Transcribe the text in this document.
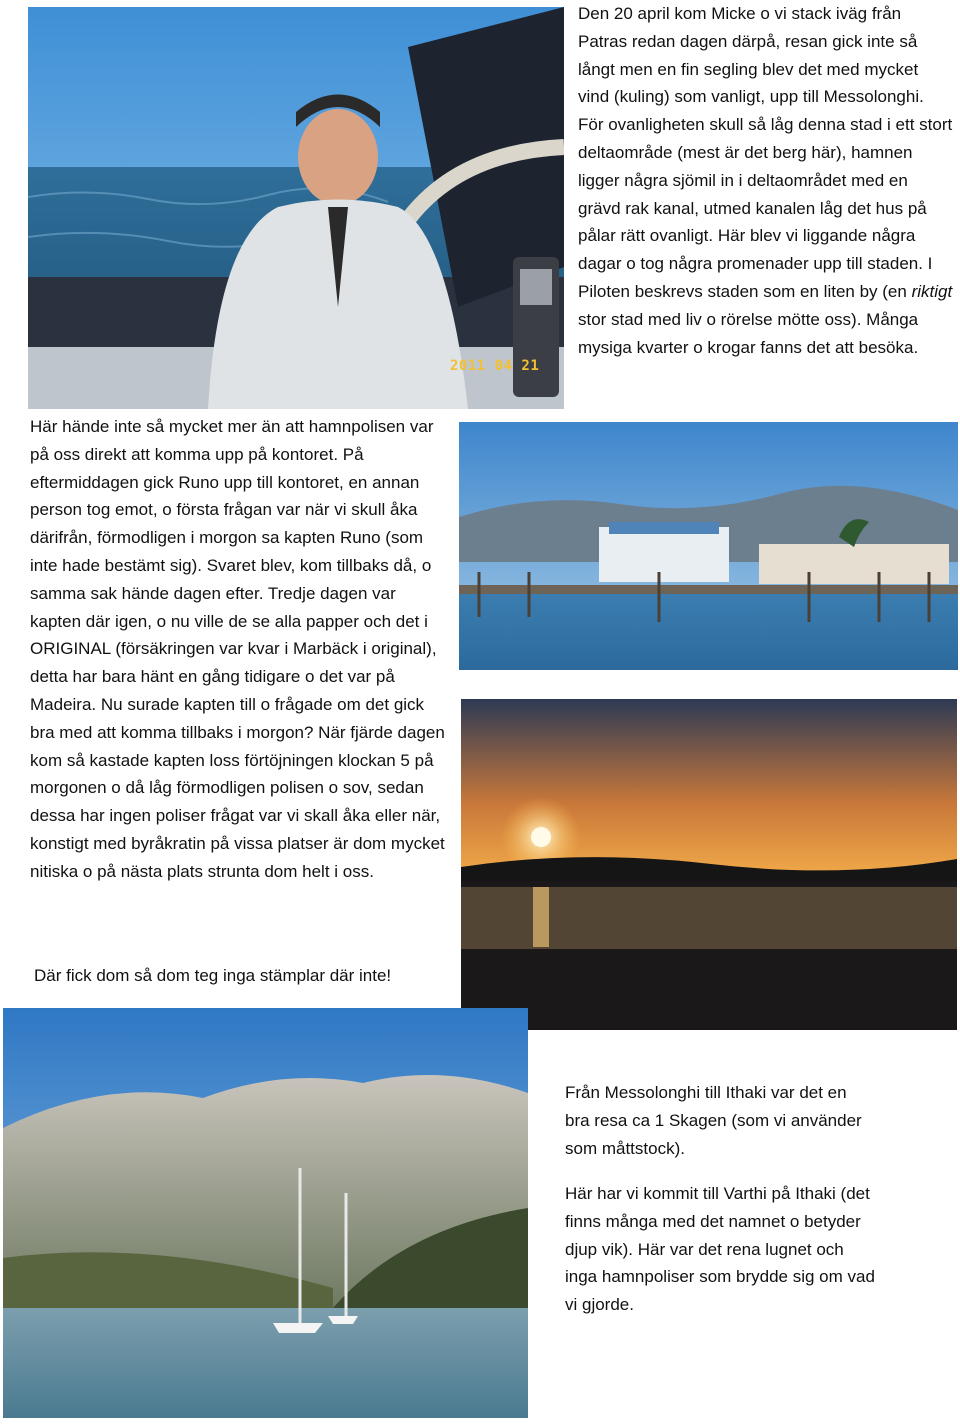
2011 04 21

Den 20 april kom Micke o vi stack iväg från Patras redan dagen därpå, resan gick inte så långt men en fin segling blev det med mycket vind (kuling) som vanligt, upp till Messolonghi. För ovanligheten skull så låg denna stad i ett stort deltaområde (mest är det berg här), hamnen ligger några sjömil in i deltaområdet med en grävd rak kanal, utmed kanalen låg det hus på pålar rätt ovanligt. Här blev vi liggande några dagar o tog några promenader upp till staden. I Piloten beskrevs staden som en liten by (en riktigt stor stad med liv o rörelse mötte oss). Många mysiga kvarter o krogar fanns det att besöka.

Här hände inte så mycket mer än att hamnpolisen var på oss direkt att komma upp på kontoret. På eftermiddagen gick Runo upp till kontoret, en annan person tog emot, o första frågan var när vi skull åka därifrån, förmodligen i morgon sa kapten Runo (som inte hade bestämt sig). Svaret blev, kom tillbaks då, o samma sak hände dagen efter. Tredje dagen var kapten där igen, o nu ville de se alla papper och det i ORIGINAL (försäkringen var kvar i Marbäck i original), detta har bara hänt en gång tidigare o det var på Madeira. Nu surade kapten till o frågade om det gick bra med att komma tillbaks i morgon? När fjärde dagen kom så kastade kapten loss förtöjningen klockan 5 på morgonen o då låg förmodligen polisen o sov, sedan dessa har ingen poliser frågat var vi skall åka eller när, konstigt med byråkratin på vissa platser är dom mycket nitiska o på nästa plats strunta dom helt i oss.

Där fick dom så dom teg inga stämplar där inte!

Från Messolonghi till Ithaki var det en bra resa ca 1 Skagen (som vi använder som måttstock).

Här har vi kommit till Varthi på Ithaki (det finns många med det namnet o betyder djup vik). Här var det rena lugnet och inga hamnpoliser som brydde sig om vad vi gjorde.
